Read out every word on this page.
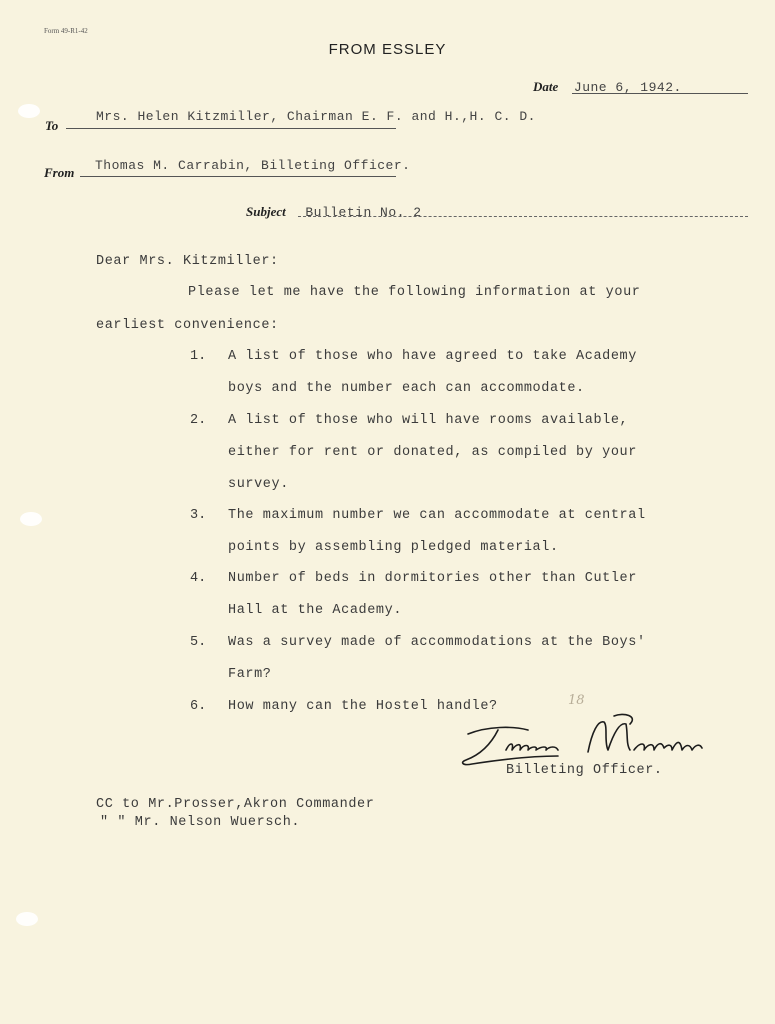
Form 49-R1-42
FROM ESSLEY
Date June 6, 1942.
To
Mrs. Helen Kitzmiller, Chairman E. F. and H.,H. C. D.
From Thomas M. Carrabin, Billeting Officer.
Subject Bulletin No. 2
Dear Mrs. Kitzmiller:
Please let me have the following information at your
earliest convenience:
1. A list of those who have agreed to take Academy
boys and the number each can accommodate.
2. A list of those who will have rooms available,
either for rent or donated, as compiled by your
survey.
3. The maximum number we can accommodate at central
points by assembling pledged material.
4. Number of beds in dormitories other than Cutler
Hall at the Academy.
5. Was a survey made of accommodations at the Boys'
Farm?
6. How many can the Hostel handle?	18
Billeting Officer.
CC to Mr.Prosser,Akron Commander
" " Mr. Nelson Wuersch.
